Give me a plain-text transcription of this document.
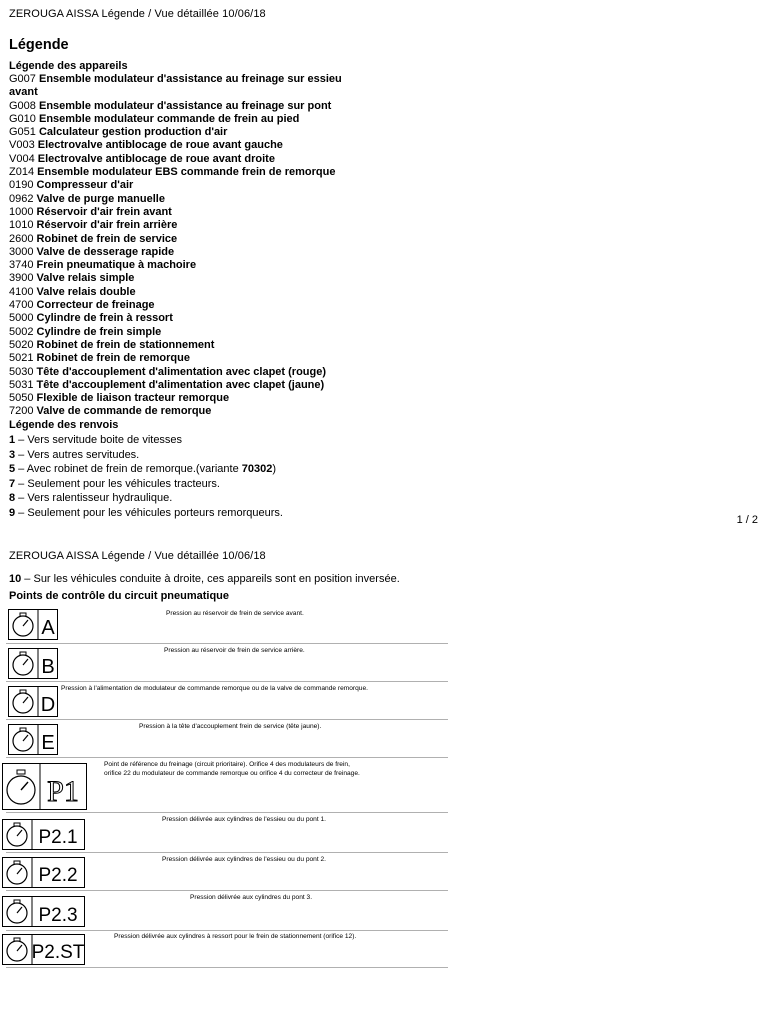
ZEROUGA AISSA Légende / Vue détaillée 10/06/18
Légende
Légende des appareils
G007 Ensemble modulateur d'assistance au freinage sur essieu
avant
G008 Ensemble modulateur d'assistance au freinage sur pont
G010 Ensemble modulateur commande de frein au pied
G051 Calculateur gestion production d'air
V003 Electrovalve antiblocage de roue avant gauche
V004 Electrovalve antiblocage de roue avant droite
Z014 Ensemble modulateur EBS commande frein de remorque
0190 Compresseur d'air
0962 Valve de purge manuelle
1000 Réservoir d'air frein avant
1010 Réservoir d'air frein arrière
2600 Robinet de frein de service
3000 Valve de desserage rapide
3740 Frein pneumatique à machoire
3900 Valve relais simple
4100 Valve relais double
4700 Correcteur de freinage
5000 Cylindre de frein à ressort
5002 Cylindre de frein simple
5020 Robinet de frein de stationnement
5021 Robinet de frein de remorque
5030 Tête d'accouplement d'alimentation avec clapet (rouge)
5031 Tête d'accouplement d'alimentation avec clapet (jaune)
5050 Flexible de liaison tracteur remorque
7200 Valve de commande de remorque
Légende des renvois
1 – Vers servitude boite de vitesses
3 – Vers autres servitudes.
5 – Avec robinet de frein de remorque.(variante 70302)
7 – Seulement pour les véhicules tracteurs.
8 – Vers ralentisseur hydraulique.
9 – Seulement pour les véhicules porteurs remorqueurs.
1 / 2
ZEROUGA AISSA Légende / Vue détaillée 10/06/18
10 – Sur les véhicules conduite à droite, ces appareils sont en position inversée.
Points de contrôle du circuit pneumatique
A
Pression au réservoir de frein de service avant.
B
Pression au réservoir de frein de service arrière.
D
Pression à l'alimentation de modulateur de commande remorque ou de la valve de commande remorque.
E
Pression à la tête d'accouplement frein de service (tête jaune).
P1
Point de référence du freinage (circuit prioritaire). Orifice 4 des modulateurs de frein,
orifice 22 du modulateur de commande remorque ou orifice 4 du correcteur de freinage.
P2.1
Pression délivrée aux cylindres de l'essieu ou du pont 1.
P2.2
Pression délivrée aux cylindres de l'essieu ou du pont 2.
P2.3
Pression délivrée aux cylindres du pont 3.
P2.ST
Pression délivrée aux cylindres à ressort pour le frein de stationnement (orifice 12).
